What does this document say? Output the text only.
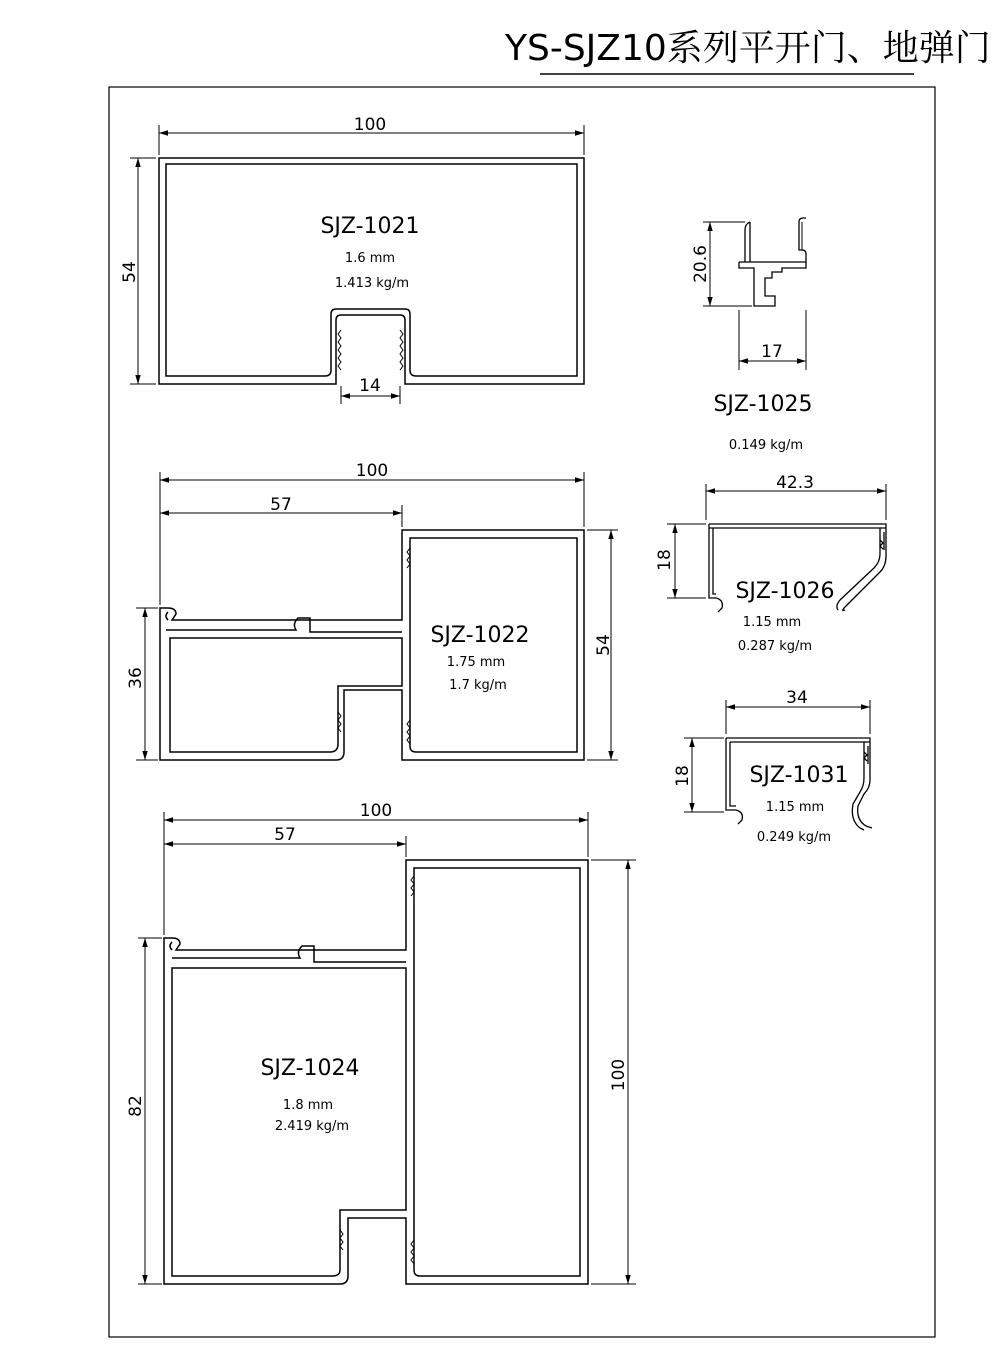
YS-SJZ10系列平开门、地弹门
100
54
14
SJZ-1021
1.6 mm
1.413 kg/m
20.6
17
SJZ-1025
0.149 kg/m
100
57
36
54
SJZ-1022
1.75 mm
1.7 kg/m
42.3
18
SJZ-1026
1.15 mm
0.287 kg/m
34
18	SJZ-1031
1.15 mm
0.249 kg/m
100
57
82
100
SJZ-1024
1.8 mm
2.419 kg/m
